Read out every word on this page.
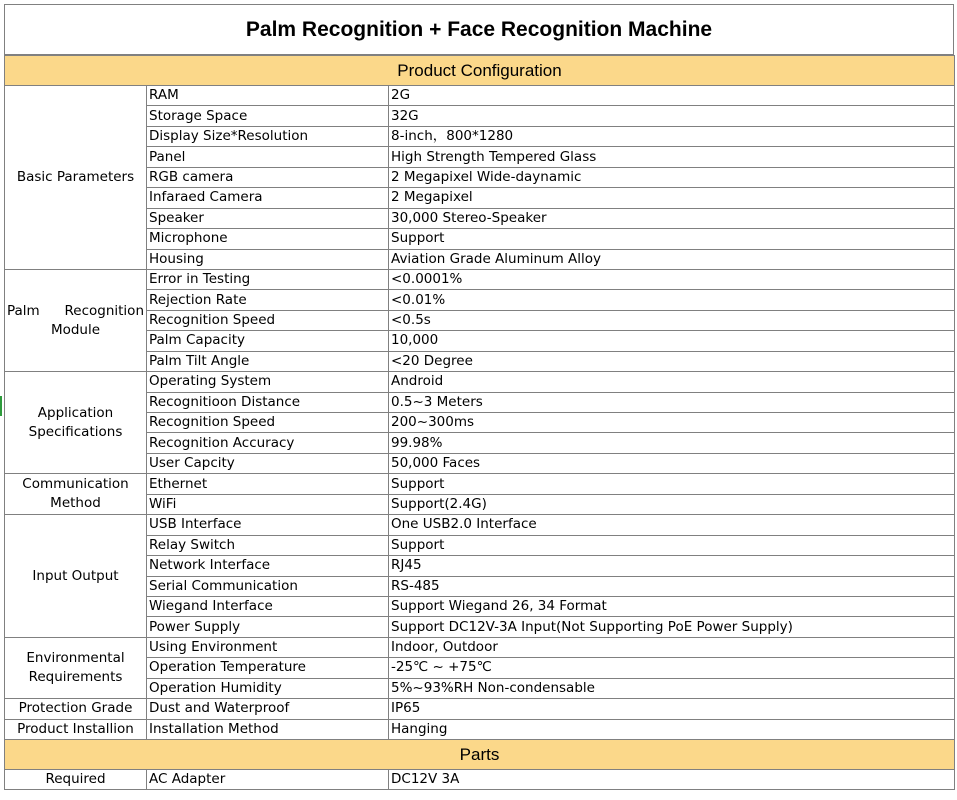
Palm Recognition + Face Recognition Machine
Product Configuration		
Basic Parameters	RAM	2G
	Storage Space	32G
	Display Size*Resolution	8-inch，800*1280
	Panel	High Strength Tempered Glass
	RGB camera	2 Megapixel Wide-daynamic
	Infaraed Camera	2 Megapixel
	Speaker	30,000 Stereo-Speaker
	Microphone	Support
	Housing	Aviation Grade Aluminum Alloy
Palm Recognition
Module	Error in Testing	<0.0001%
	Rejection Rate	<0.01%
	Recognition Speed	<0.5s
	Palm Capacity	10,000
	Palm Tilt Angle	<20 Degree
Application Specifications	Operating System	Android
	Recognitioon Distance	0.5~3 Meters
	Recognition Speed	200~300ms
	Recognition Accuracy	99.98%
	User Capcity	50,000 Faces
Communication Method	Ethernet	Support
	WiFi	Support(2.4G)
Input Output	USB Interface	One USB2.0 Interface
	Relay Switch	Support
	Network Interface	RJ45
	Serial Communication	RS-485
	Wiegand Interface	Support Wiegand 26, 34 Format
	Power Supply	Support DC12V-3A Input(Not Supporting PoE Power Supply)
Environmental Requirements	Using Environment	Indoor, Outdoor
	Operation Temperature	-25℃ ~ +75℃
	Operation Humidity	5%~93%RH Non-condensable
Protection Grade	Dust and Waterproof	IP65
Product Installion	Installation Method	Hanging
Parts		
Required	AC Adapter	DC12V 3A
